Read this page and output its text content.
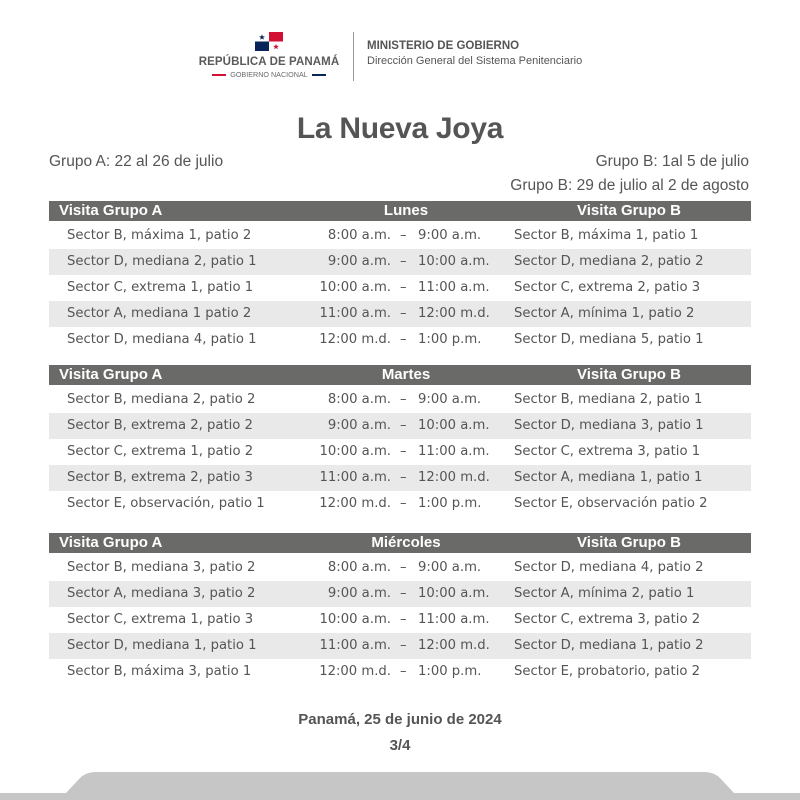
REPÚBLICA DE PANAMÁ
GOBIERNO NACIONAL
MINISTERIO DE GOBIERNO
Dirección General del Sistema Penitenciario
La Nueva Joya
Grupo A: 22 al 26 de julio	Grupo B: 1al 5 de julio
Grupo B: 29 de julio al 2 de agosto
Visita Grupo A	Lunes	Visita Grupo B
Sector B, máxima 1, patio 2	8:00 a.m. – 9:00 a.m. Sector B, máxima 1, patio 1
Sector D, mediana 2, patio 1	9:00 a.m. – 10:00 a.m. Sector D, mediana 2, patio 2
Sector C, extrema 1, patio 1	10:00 a.m. – 11:00 a.m. Sector C, extrema 2, patio 3
Sector A, mediana 1 patio 2	11:00 a.m. – 12:00 m.d. Sector A, mínima 1, patio 2
Sector D, mediana 4, patio 1	12:00 m.d. – 1:00 p.m. Sector D, mediana 5, patio 1
Visita Grupo A	Martes	Visita Grupo B
Sector B, mediana 2, patio 2	8:00 a.m. – 9:00 a.m. Sector B, mediana 2, patio 1
Sector B, extrema 2, patio 2	9:00 a.m. – 10:00 a.m. Sector D, mediana 3, patio 1
Sector C, extrema 1, patio 2	10:00 a.m. – 11:00 a.m. Sector C, extrema 3, patio 1
Sector B, extrema 2, patio 3	11:00 a.m. – 12:00 m.d. Sector A, mediana 1, patio 1
Sector E, observación, patio 1	12:00 m.d. – 1:00 p.m. Sector E, observación patio 2
Visita Grupo A	Miércoles	Visita Grupo B
Sector B, mediana 3, patio 2	8:00 a.m. – 9:00 a.m. Sector D, mediana 4, patio 2
Sector A, mediana 3, patio 2	9:00 a.m. – 10:00 a.m. Sector A, mínima 2, patio 1
Sector C, extrema 1, patio 3	10:00 a.m. – 11:00 a.m. Sector C, extrema 3, patio 2
Sector D, mediana 1, patio 1	11:00 a.m. – 12:00 m.d. Sector D, mediana 1, patio 2
Sector B, máxima 3, patio 1	12:00 m.d. – 1:00 p.m. Sector E, probatorio, patio 2
Panamá, 25 de junio de 2024
3/4
